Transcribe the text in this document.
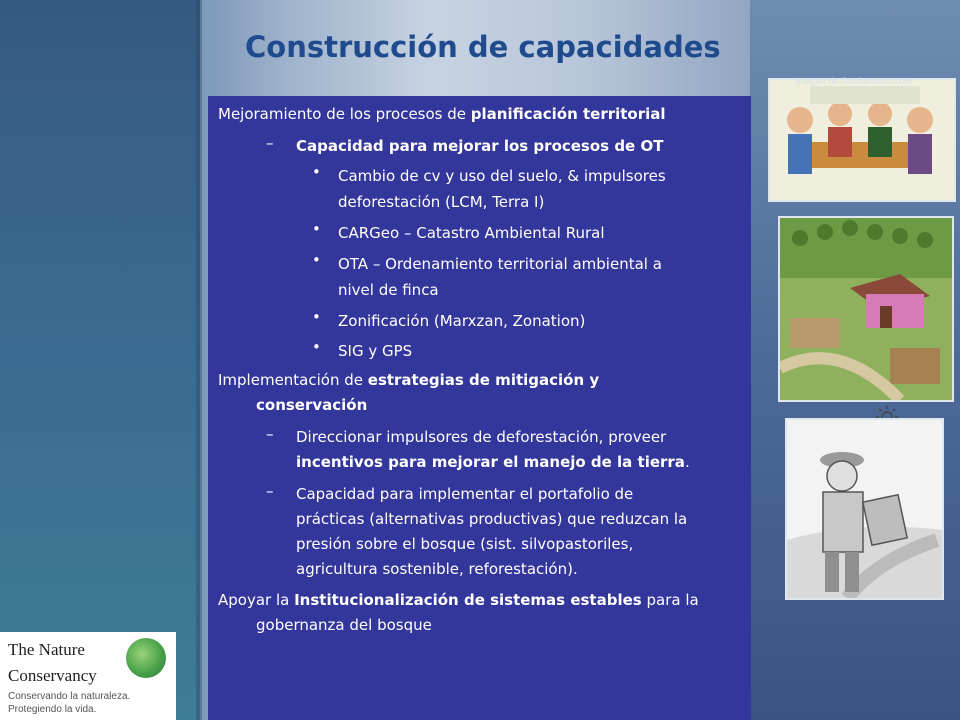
Construcción de capacidades
Mejoramiento de los procesos de planificación territorial
– Capacidad para mejorar los procesos de OT
• Cambio de cv y uso del suelo, & impulsores
deforestación (LCM, Terra I)
• CARGeo – Catastro Ambiental Rural
• OTA – Ordenamiento territorial ambiental a
nivel de finca
• Zonificación (Marxzan, Zonation)
• SIG y GPS
Implementación de estrategias de mitigación y
conservación
– Direccionar impulsores de deforestación, proveer
incentivos para mejorar el manejo de la tierra.
– Capacidad para implementar el portafolio de
prácticas (alternativas productivas) que reduzcan la
presión sobre el bosque (sist. silvopastoriles,
agricultura sostenible, reforestación).
Apoyar la Institucionalización de sistemas estables para la
gobernanza del bosque
Imagen de Geofumadas.com
The Nature
Conservancy
Conservando la naturaleza.
Protegiendo la vida.
